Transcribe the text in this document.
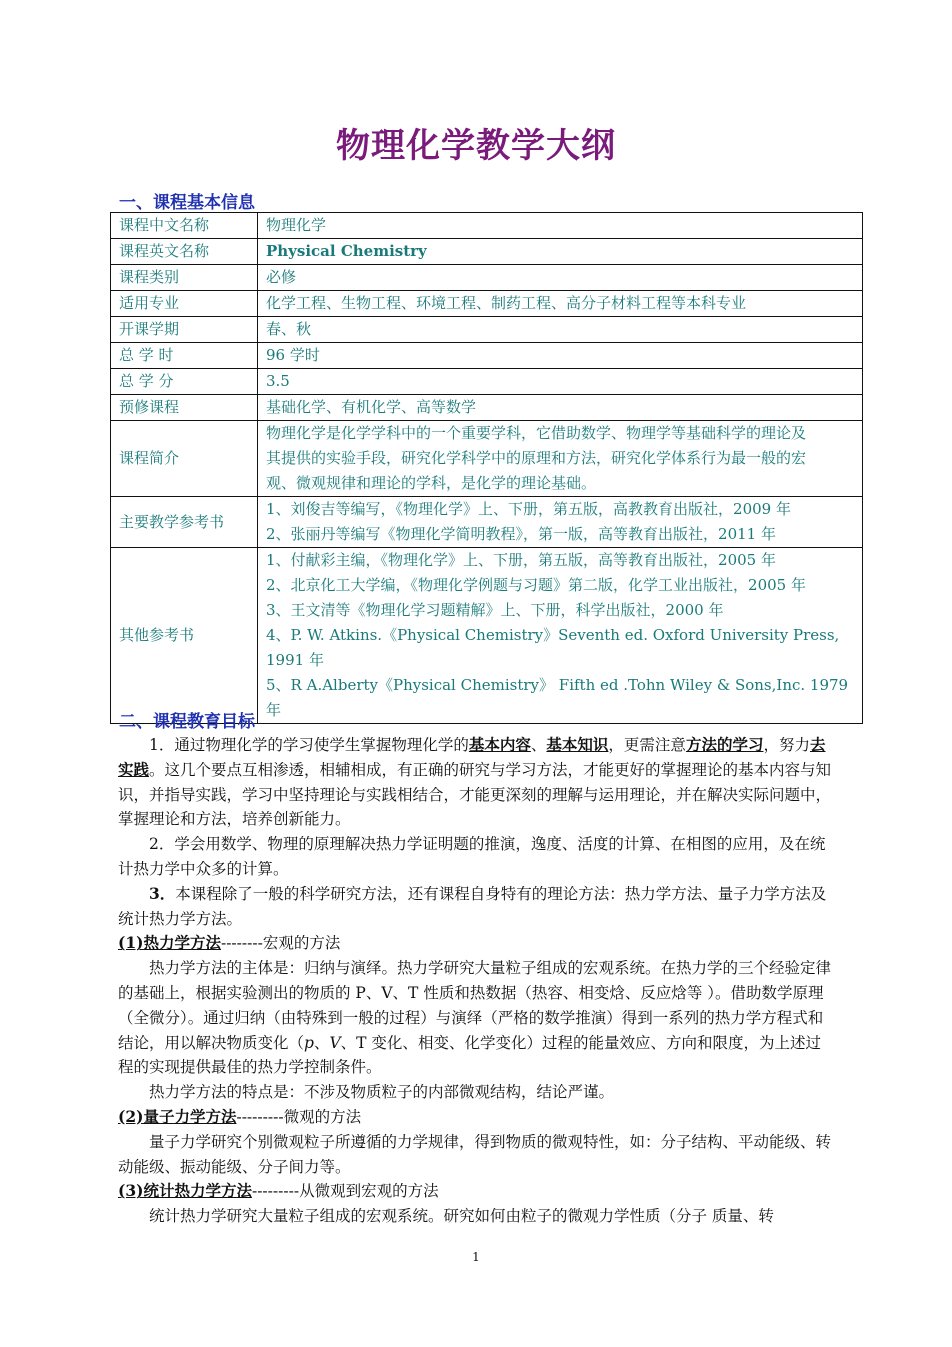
物理化学教学大纲
一、课程基本信息
课程中文名称	物理化学

课程英文名称	Physical Chemistry

课程类别	必修

适用专业	化学工程、生物工程、环境工程、制药工程、高分子材料工程等本科专业

开课学期	春、秋

总 学 时	96 学时

总 学 分	3.5

预修课程	基础化学、有机化学、高等数学

课程简介	物理化学是化学学科中的一个重要学科，它借助数学、物理学等基础科学的理论及
其提供的实验手段，研究化学科学中的原理和方法，研究化学体系行为最一般的宏
观、微观规律和理论的学科，是化学的理论基础。

主要教学参考书	1、刘俊吉等编写，《物理化学》上、下册，第五版，高教教育出版社，2009 年
2、张丽丹等编写《物理化学简明教程》，第一版，高等教育出版社，2011 年

其他参考书	1、付献彩主编，《物理化学》上、下册，第五版，高等教育出版社，2005 年
2、北京化工大学编，《物理化学例题与习题》第二版，化学工业出版社，2005 年
3、王文清等《物理化学习题精解》上、下册，科学出版社，2000 年
4、P. W. Atkins.《Physical Chemistry》Seventh ed. Oxford University Press, 1991 年
5、R A.Alberty《Physical Chemistry》 Fifth ed .Tohn Wiley & Sons,Inc. 1979 年
二、课程教育目标

1．通过物理化学的学习使学生掌握物理化学的基本内容、基本知识，更需注意方法的学习，努力去实践。这几个要点互相渗透，相辅相成，有正确的研究与学习方法，才能更好的掌握理论的基本内容与知识，并指导实践，学习中坚持理论与实践相结合，才能更深刻的理解与运用理论，并在解决实际问题中，掌握理论和方法，培养创新能力。

2．学会用数学、物理的原理解决热力学证明题的推演，逸度、活度的计算、在相图的应用，及在统计热力学中众多的计算。

3．本课程除了一般的科学研究方法，还有课程自身特有的理论方法：热力学方法、量子力学方法及统计热力学方法。

(1)热力学方法--------宏观的方法

热力学方法的主体是：归纳与演绎。热力学研究大量粒子组成的宏观系统。在热力学的三个经验定律的基础上，根据实验测出的物质的 P、V、T 性质和热数据（热容、相变焓、反应焓等 ）。借助数学原理（全微分）。通过归纳（由特殊到一般的过程）与演绎（严格的数学推演）得到一系列的热力学方程式和结论，用以解决物质变化（p、V、T 变化、相变、化学变化）过程的能量效应、方向和限度，为上述过程的实现提供最佳的热力学控制条件。

热力学方法的特点是：不涉及物质粒子的内部微观结构，结论严谨。

(2)量子力学方法---------微观的方法

量子力学研究个别微观粒子所遵循的力学规律，得到物质的微观特性，如：分子结构、平动能级、转动能级、振动能级、分子间力等。

(3)统计热力学方法---------从微观到宏观的方法

统计热力学研究大量粒子组成的宏观系统。研究如何由粒子的微观力学性质（分子 质量、转

1
